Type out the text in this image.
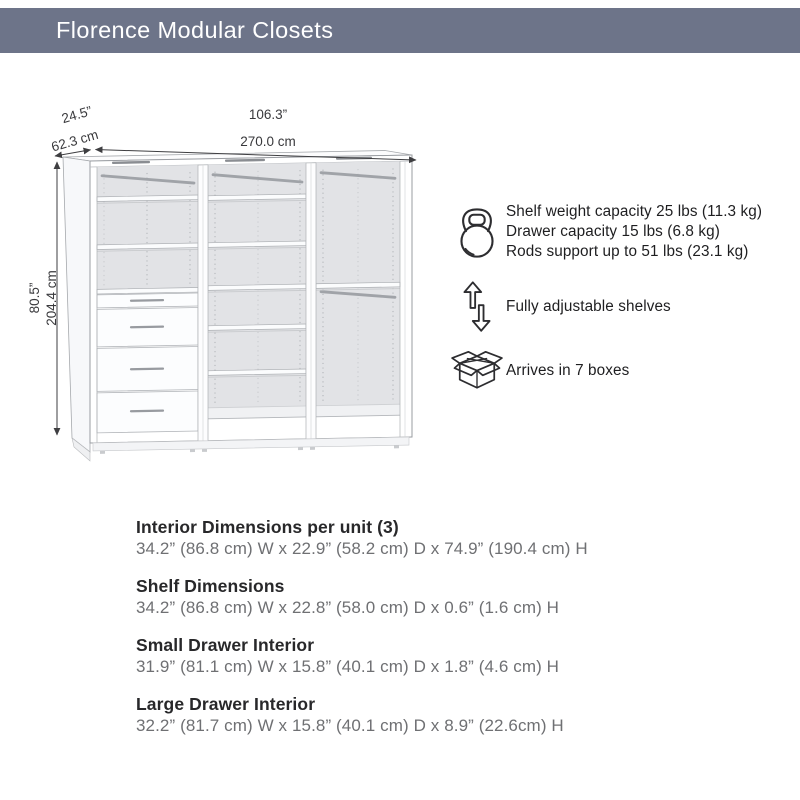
Florence Modular Closets
106.3”
270.0 cm
24.5”
62.3 cm
80.5” 204.4 cm

Shelf weight capacity 25 lbs (11.3 kg)

Drawer capacity 15 lbs (6.8 kg)

Rods support up to 51 lbs (23.1 kg)

Fully adjustable shelves

Arrives in 7 boxes

Interior Dimensions per unit (3)

34.2” (86.8 cm) W x 22.9” (58.2 cm) D x 74.9” (190.4 cm) H

Shelf Dimensions

34.2” (86.8 cm) W x 22.8” (58.0 cm) D x 0.6” (1.6 cm) H

Small Drawer Interior

31.9” (81.1 cm) W x 15.8” (40.1 cm) D x 1.8” (4.6 cm) H

Large Drawer Interior

32.2” (81.7 cm) W x 15.8” (40.1 cm) D x 8.9” (22.6cm) H
